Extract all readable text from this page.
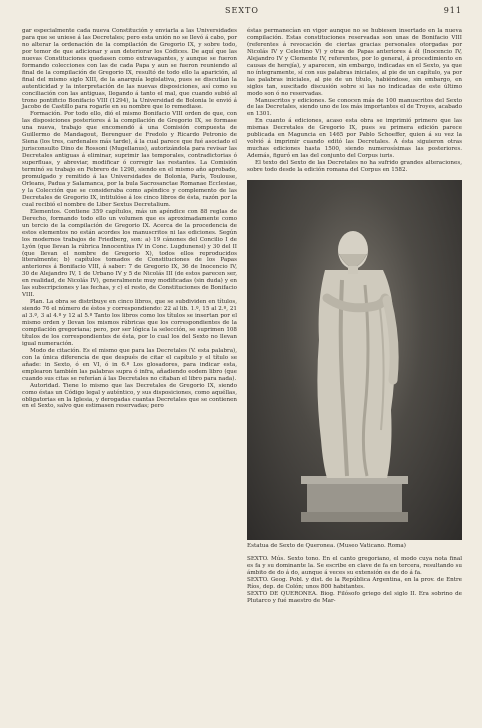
SEXTO	911

gar especialmente cada nueva Constitución y enviarla a las Universidades para que se uniese á las Decretales; pero esta unión no se llevó á cabo, por no alterar la ordenación de la compilación de Gregorio IX, y sobre todo, por temor de que adicionar y aun deteriorar los Códices. De aquí que las nuevas Constituciones quedasen como extravagantes, y aunque se fueron formando colecciones con las de cada Papa y aun se fueron reuniendo al final de la compilación de Gregorio IX, resultó de todo ello la aparición, al final del mismo siglo XIII, de la anarquía legislativa, pues se discutían la autenticidad y la interpretación de las nuevas disposiciones, así como su conciliación con las antiguas, llegando á tanto el mal, que cuando subió al trono pontificio Bonifacio VIII (1294), la Universidad de Bolonia le envió á Jacobo de Castillo para rogarle en su nombre que lo remediase.

Formación. Por todo ello, dió el mismo Bonifacio VIII orden de que, con las disposiciones posteriores á la compilación de Gregorio IX, se formase una nueva, trabajo que encomendó á una Comisión compuesta de Guillermo de Mandagout, Berenguer de Fredolo y Ricardo Petronio de Siena (los tres, cardenales más tarde), á la cual parece que fué asociado el jurisconsulto Dino de Rossoni (Mugellanus), autorizándola para revisar las Decretales antiguas á eliminar, suprimir las temporales, contradictorias ó superfluas, y abreviar, modificar ó corregir las restantes. La Comisión terminó su trabajo en Febrero de 1298, siendo en el mismo año aprobado, promulgado y remitido á las Universidades de Bolonia, París, Toulouse, Orleans, Padua y Salamanca, por la bula Sacrosanctae Romanae Ecclesiae, y la Colección que se consideraba como apéndice y complemento de las Decretales de Gregorio IX, intitulóse á los cinco libros de ésta, razón por la cual recibió el nombre de Liber Sextus Decretalium.

Elementos. Contiene 359 capítulos, más un apéndice con 88 reglas de Derecho, formando todo ello un volumen que es aproximadamente como un tercio de la compilación de Gregorio IX. Acerca de la procedencia de estos elementos no están acordes los manuscritos ni las ediciones. Según los modernos trabajos de Friedberg, son: a) 19 cánones del Concilio I de Lyón (que llevan la rúbrica Innocentius IV in Conc. Lugdunensi) y 30 del II (que llevan el nombre de Gregorio X), todos ellos reproducidos literalmente; b) capítulos tomados de Constituciones de los Papas anteriores á Bonifacio VIII, á saber: 7 de Gregorio IX, 36 de Inocencio IV, 30 de Alejandro IV, 1 de Urbano IV y 5 de Nicolás III (de estos parecen ser, en realidad, de Nicolás IV), generalmente muy modificadas (sin duda) y en las subscripciones y las fechas, y c) el resto, de Constituciones de Bonifacio VIII.

Plan. La obra se distribuye en cinco libros, que se subdividen en títulos, siendo 76 el número de éstos y correspondiendo: 22 al lib. 1.º, 15 al 2.º, 21 al 3.º, 3 al 4.º y 12 al 5.º Tanto los libros como los títulos se insertan por el mismo orden y llevan los mismos rúbricas que los correspondientes de la compilación gregoriana; pero, por ser lógica la selección, se suprimen 108 títulos de los correspondientes de ésta, por lo cual los del Sexto no llevan igual numeración.

Modo de citación. Es el mismo que para las Decretales (V. esta palabra), con la única diferencia de que después de citar el capítulo y el título se añade: in Sexto, ó en VI, ó in 6.º Los glosadores, para indicar esta, emplearon también las palabras supra ó infra, añadiendo eodem libro (que cuando sus citas se referían á las Decretales no citaban el libro para nada).

Autoridad. Tiene lo mismo que las Decretales de Gregorio IX, siendo como éstas un Código legal y auténtico, y sus disposiciones, como aquéllas, obligatorias en la Iglesia, y derogadas cuantas Decretales que se contienen en el Sexto, salvo que estimasen reservadas; pero

éstas permanecían en vigor aunque no se hubiesen insertado en la nueva compilación. Estas constituciones reservadas son unas de Bonifacio VIII (referentes á revocación de ciertas gracias personales otorgadas por Nicolás IV y Celestino V) y otras de Papas anteriores á él (Inocencio IV, Alejandro IV y Clemente IV, referentes, por lo general, á procedimiento en causas de herejía), y aparecen, sin embargo, indicadas en el Sexto, ya que no íntegramente, sí con sus palabras iniciales, al pie de un capítulo, ya por las palabras iniciales, al pie de un título, habiéndose, sin embargo, en siglos tan, suscitado discusión sobre si las no indicadas de este último modo son ó no reservadas.

Manuscritos y ediciones. Se conocen más de 100 manuscritos del Sexto de las Decretales, siendo uno de los más importantes el de Troyes, acabado en 1301.

En cuanto á ediciones, acaso esta obra se imprimió primero que las mismas Decretales de Gregorio IX, pues su primera edición parece publicada en Maguncia en 1465 por Pablo Schoeffer, quien á su vez la volvió á imprimir cuando editó las Decretales. A ésta siguieron otras muchas ediciones hasta 1500, siendo numerosísimas las posteriores. Además, figuró en las del conjunto del Corpus iuris.

El texto del Sexto de las Decretales no ha sufrido grandes alteraciones, sobre todo desde la edición romana del Corpus en 1582.

Estatua de Sexto de Queronea. (Museo Vaticano. Roma)

SEXTO. Mús. Sexto tono. En el canto gregoriano, el modo cuya nota final es fa y su dominante la. Se escribe en clave de fa en tercera, resultando su ámbito de do á do, aunque á veces su extensión es de do á fa.

SEXTO. Geog. Pobl. y dist. de la República Argentina, en la prov. de Entre Ríos, dep. de Colón; unos 800 habitantes.

SEXTO DE QUERONEA. Biog. Filósofo griego del siglo II. Era sobrino de Plutarco y fué maestro de Mar-
